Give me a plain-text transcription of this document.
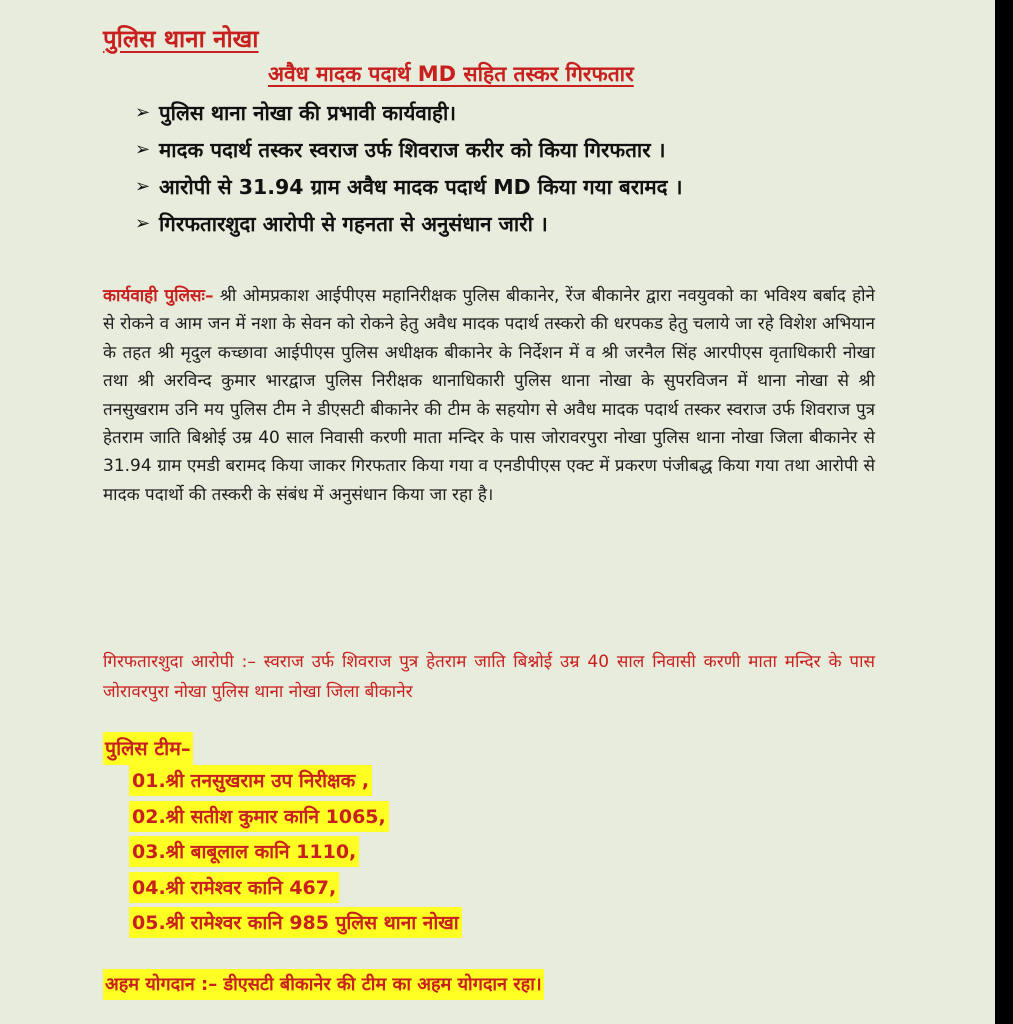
पुलिस थाना नोखा
अवैध मादक पदार्थ MD सहित तस्कर गिरफतार
➢ पुलिस थाना नोखा की प्रभावी कार्यवाही।
➢ मादक पदार्थ तस्कर स्वराज उर्फ शिवराज करीर को किया गिरफतार ।
➢ आरोपी से 31.94 ग्राम अवैध मादक पदार्थ MD किया गया बरामद ।
➢ गिरफतारशुदा आरोपी से गहनता से अनुसंधान जारी ।

कार्यवाही पुलिसः– श्री ओमप्रकाश आईपीएस महानिरीक्षक पुलिस बीकानेर, रेंज बीकानेर द्वारा नवयुवको का भविश्य बर्बाद होने से रोकने व आम जन में नशा के सेवन को रोकने हेतु अवैध मादक पदार्थ तस्करो की धरपकड हेतु चलाये जा रहे विशेश अभियान के तहत श्री मृदुल कच्छावा आईपीएस पुलिस अधीक्षक बीकानेर के निर्देशन में व श्री जरनैल सिंह आरपीएस वृताधिकारी नोखा तथा श्री अरविन्द कुमार भारद्वाज पुलिस निरीक्षक थानाधिकारी पुलिस थाना नोखा के सुपरविजन में थाना नोखा से श्री तनसुखराम उनि मय पुलिस टीम ने डीएसटी बीकानेर की टीम के सहयोग से अवैध मादक पदार्थ तस्कर स्वराज उर्फ शिवराज पुत्र हेतराम जाति बिश्नोई उम्र 40 साल निवासी करणी माता मन्दिर के पास जोरावरपुरा नोखा पुलिस थाना नोखा जिला बीकानेर से 31.94 ग्राम एमडी बरामद किया जाकर गिरफतार किया गया व एनडीपीएस एक्ट में प्रकरण पंजीबद्ध किया गया तथा आरोपी से मादक पदार्थो की तस्करी के संबंध में अनुसंधान किया जा रहा है।

गिरफतारशुदा आरोपी :– स्वराज उर्फ शिवराज पुत्र हेतराम जाति बिश्नोई उम्र 40 साल निवासी करणी माता मन्दिर के पास जोरावरपुरा नोखा पुलिस थाना नोखा जिला बीकानेर

पुलिस टीम–
01.श्री तनसुखराम उप निरीक्षक ,
02.श्री सतीश कुमार कानि 1065,
03.श्री बाबूलाल कानि 1110,
04.श्री रामेश्वर कानि 467,
05.श्री रामेश्वर कानि 985 पुलिस थाना नोखा
अहम योगदान :– डीएसटी बीकानेर की टीम का अहम योगदान रहा।
